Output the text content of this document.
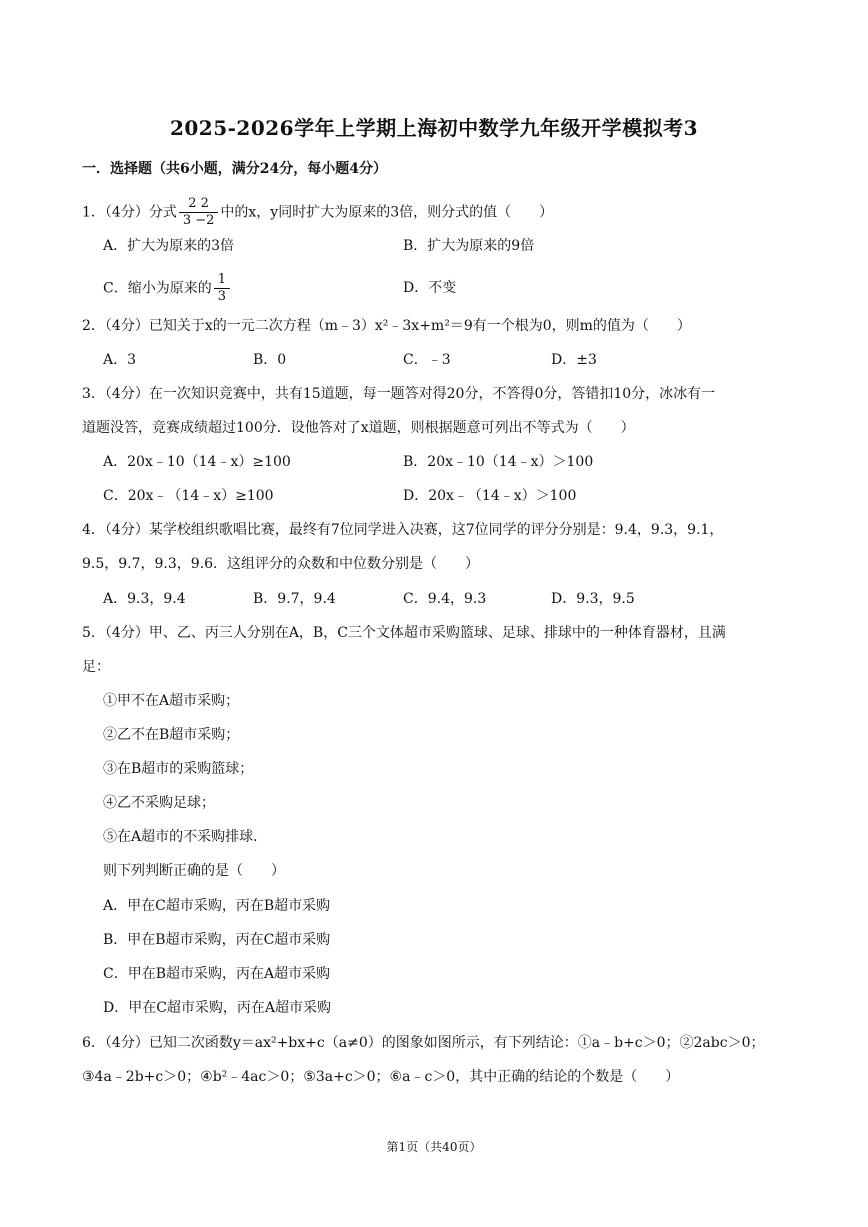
2025-2026学年上学期上海初中数学九年级开学模拟考3
一．选择题（共6小题，满分24分，每小题4分）
1．（4分）分式 $\frac{2 2}{3 -2}$ 中的x，y同时扩大为原来的3倍，则分式的值（　　）
A．扩大为原来的3倍	B．扩大为原来的9倍
C．缩小为原来的 $\frac{1}{3}$	D．不变
2．（4分）已知关于x的一元二次方程（m﹣3）x²﹣3x+m²＝9有一个根为0，则m的值为（　　）
A．3	B．0	C．﹣3	D．±3
3．（4分）在一次知识竞赛中，共有15道题，每一题答对得20分，不答得0分，答错扣10分，冰冰有一
道题没答，竞赛成绩超过100分．设他答对了x道题，则根据题意可列出不等式为（　　）
A．20x﹣10（14﹣x）≥100	B．20x﹣10（14﹣x）＞100
C．20x﹣（14﹣x）≥100	D．20x﹣（14﹣x）＞100
4．（4分）某学校组织歌唱比赛，最终有7位同学进入决赛，这7位同学的评分分别是：9.4，9.3，9.1，
9.5，9.7，9.3，9.6．这组评分的众数和中位数分别是（　　）
A．9.3，9.4	B．9.7，9.4	C．9.4，9.3	D．9.3，9.5
5．（4分）甲、乙、丙三人分别在A，B，C三个文体超市采购篮球、足球、排球中的一种体育器材，且满
足：
①甲不在A超市采购；
②乙不在B超市采购；
③在B超市的采购篮球；
④乙不采购足球；
⑤在A超市的不采购排球．
则下列判断正确的是（　　）
A．甲在C超市采购，丙在B超市采购
B．甲在B超市采购，丙在C超市采购
C．甲在B超市采购，丙在A超市采购
D．甲在C超市采购，丙在A超市采购
6．（4分）已知二次函数y＝ax²+bx+c（a≠0）的图象如图所示，有下列结论：①a﹣b+c＞0；②2abc＞0；
③4a﹣2b+c＞0；④b²﹣4ac＞0；⑤3a+c＞0；⑥a﹣c＞0，其中正确的结论的个数是（　　）
第1页（共40页）
